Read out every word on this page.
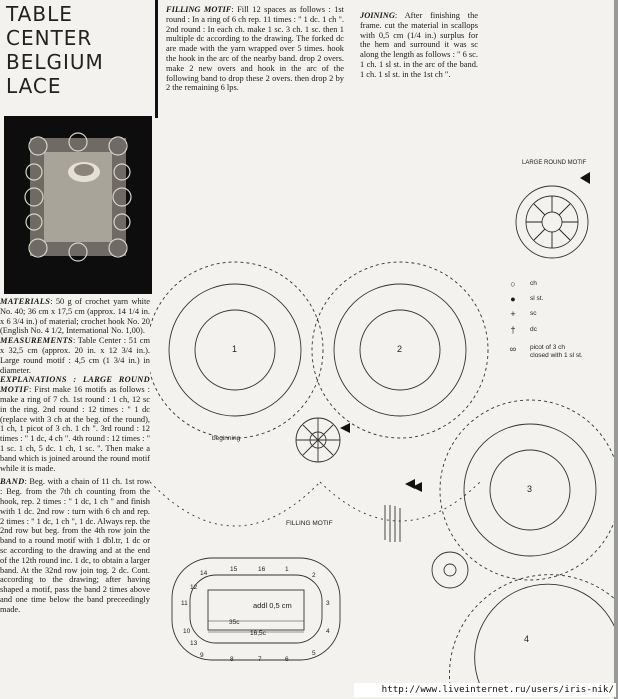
TABLE
CENTER
BELGIUM
LACE
FILLING MOTIF: Fill 12 spaces as follows : 1st round : In a ring of 6 ch rep. 11 times : " 1 dc. 1 ch ". 2nd round : In each ch. make 1 sc. 3 ch. 1 sc. then 1 multiple dc according to the drawing. The forked dc are made with the yarn wrapped over 5 times. hook the hook in the arc of the nearby band. drop 2 overs. make 2 new overs and hook in the arc of the following band to drop these 2 overs. then drop 2 by 2 the remaining 6 lps.
JOINING: After finishing the frame. cut the material in scallops with 0,5 cm (1/4 in.) surplus for the hem and surround it was sc along the length as follows : " 6 sc. 1 ch. 1 sl st. in the arc of the band. 1 ch. 1 sl st. in the 1st ch ".
MATERIALS: 50 g of crochet yarn white No. 40; 36 cm x 17,5 cm (approx. 14 1/4 in. x 6 3/4 in.) of material; crochet hook No. 20 (English No. 4 1/2, International No. 1,00).
MEASUREMENTS: Table Center : 51 cm x 32,5 cm (approx. 20 in. x 12 3/4 in.). Large round motif : 4,5 cm (1 3/4 in.) in diameter.
EXPLANATIONS : LARGE ROUND MOTIF: First make 16 motifs as follows : make a ring of 7 ch. 1st round : 1 ch, 12 sc in the ring. 2nd round : 12 times : " 1 dc (replace with 3 ch at the beg. of the round), 1 ch, 1 picot of 3 ch. 1 ch ". 3rd round : 12 times : " 1 dc, 4 ch ". 4th round : 12 times : " 1 sc. 1 ch, 5 dc. 1 ch, 1 sc. ". Then make a band which is joined around the round motif while it is made.
BAND: Beg. with a chain of 11 ch. 1st row : Beg. from the 7th ch counting from the hook, rep. 2 times : " 1 dc, 1 ch " and finish with 1 dc. 2nd row : turn with 6 ch and rep. 2 times : " 1 dc, 1 ch ", 1 dc. Always rep. the 2nd row but beg. from the 4th row join the band to a round motif with 1 dbl.tr, 1 dc or sc according to the drawing and at the end of the 12th round inc. 1 dc, to obtain a larger band. At the 32nd row join tog. 2 dc. Cont. according to the drawing; after having shaped a motif, pass the band 2 times above and one time below the band preceedingly made.
LARGE ROUND MOTIF
FILLING MOTIF
beginning
1	2
3
4
addl 0,5 cm
35c
16,5c
14
15	16	1
2
3
4
5
6
7
8
9
10
11
12
13
○	ch
●	sl st.
+	sc
†	dc
∞	picot of 3 ch
closed with 1 sl st.
http://www.liveinternet.ru/users/iris-nik/
